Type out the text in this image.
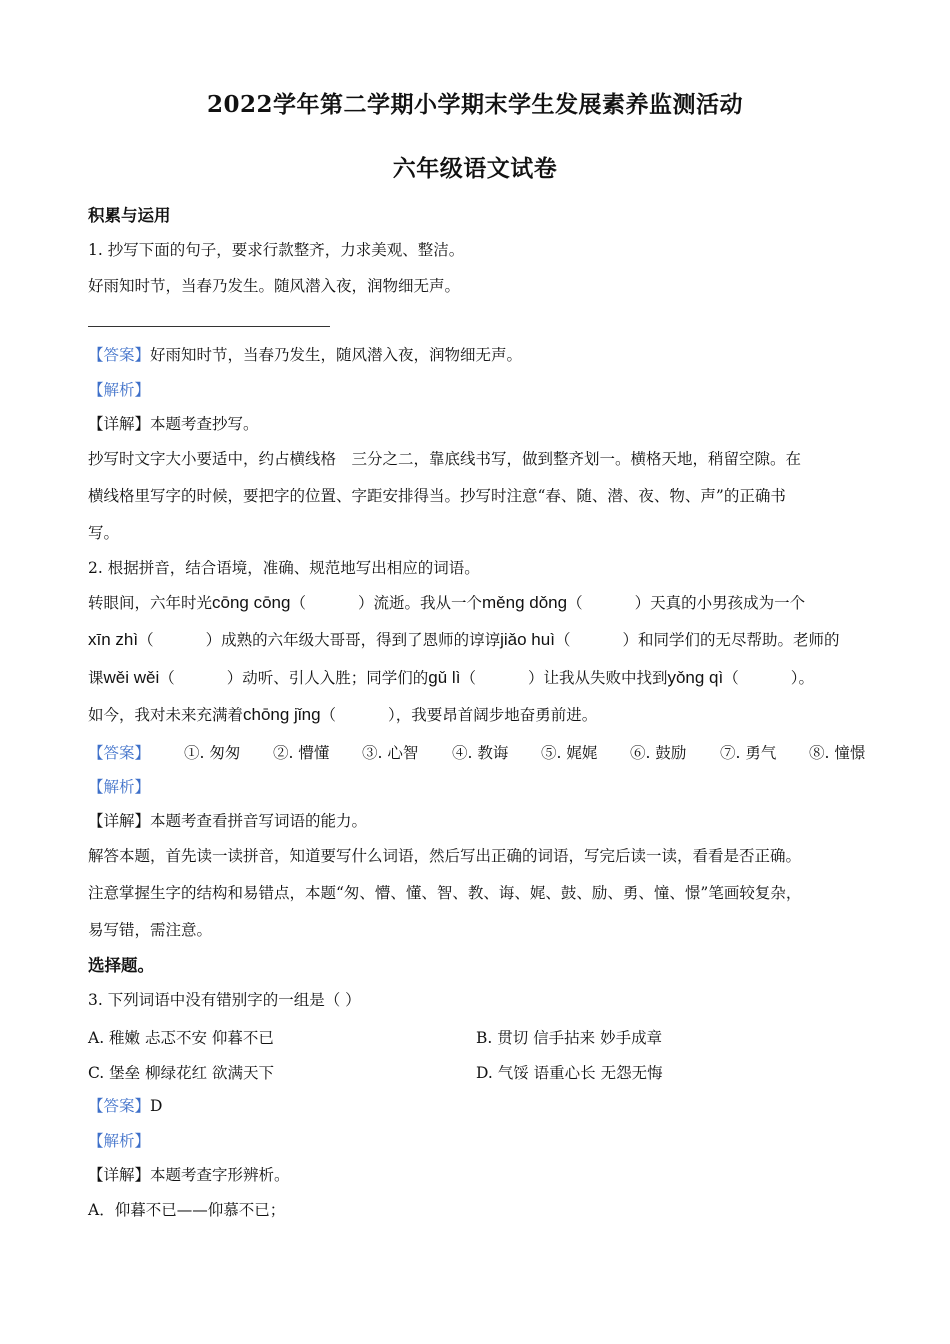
2022学年第二学期小学期末学生发展素养监测活动
六年级语文试卷
积累与运用
1. 抄写下面的句子，要求行款整齐，力求美观、整洁。
好雨知时节，当春乃发生。随风潜入夜，润物细无声。
【答案】好雨知时节，当春乃发生，随风潜入夜，润物细无声。
【解析】
【详解】本题考查抄写。
抄写时文字大小要适中，约占横线格　三分之二，靠底线书写，做到整齐划一。横格天地，稍留空隙。在
横线格里写字的时候，要把字的位置、字距安排得当。抄写时注意“春、随、潜、夜、物、声”的正确书
写。
2. 根据拼音，结合语境，准确、规范地写出相应的词语。
转眼间，六年时光cōng cōng（	）流逝。我从一个měng dǒng（	）天真的小男孩成为一个
xīn zhì（	）成熟的六年级大哥哥，得到了恩师的谆谆jiǎo huì（	）和同学们的无尽帮助。老师的
课wěi wěi（	）动听、引人入胜；同学们的gǔ lì（	）让我从失败中找到yǒng qì（	）。
如今，我对未来充满着chōng jǐng（	），我要昂首阔步地奋勇前进。
【答案】 ①. 匆匆 ②. 懵懂 ③. 心智 ④. 教诲 ⑤. 娓娓 ⑥. 鼓励 ⑦. 勇气 ⑧. 憧憬
【解析】
【详解】本题考查看拼音写词语的能力。
解答本题，首先读一读拼音，知道要写什么词语，然后写出正确的词语，写完后读一读，看看是否正确。
注意掌握生字的结构和易错点，本题“匆、懵、懂、智、教、诲、娓、鼓、励、勇、憧、憬”笔画较复杂，
易写错，需注意。
选择题。
3. 下列词语中没有错别字的一组是（ ）
A. 稚嫩 忐忑不安 仰暮不已	B. 贯切 信手拈来 妙手成章
C. 堡垒 柳绿花红 欲满天下	D. 气馁 语重心长 无怨无悔
【答案】D
【解析】
【详解】本题考查字形辨析。
A．仰暮不已——仰慕不已；
